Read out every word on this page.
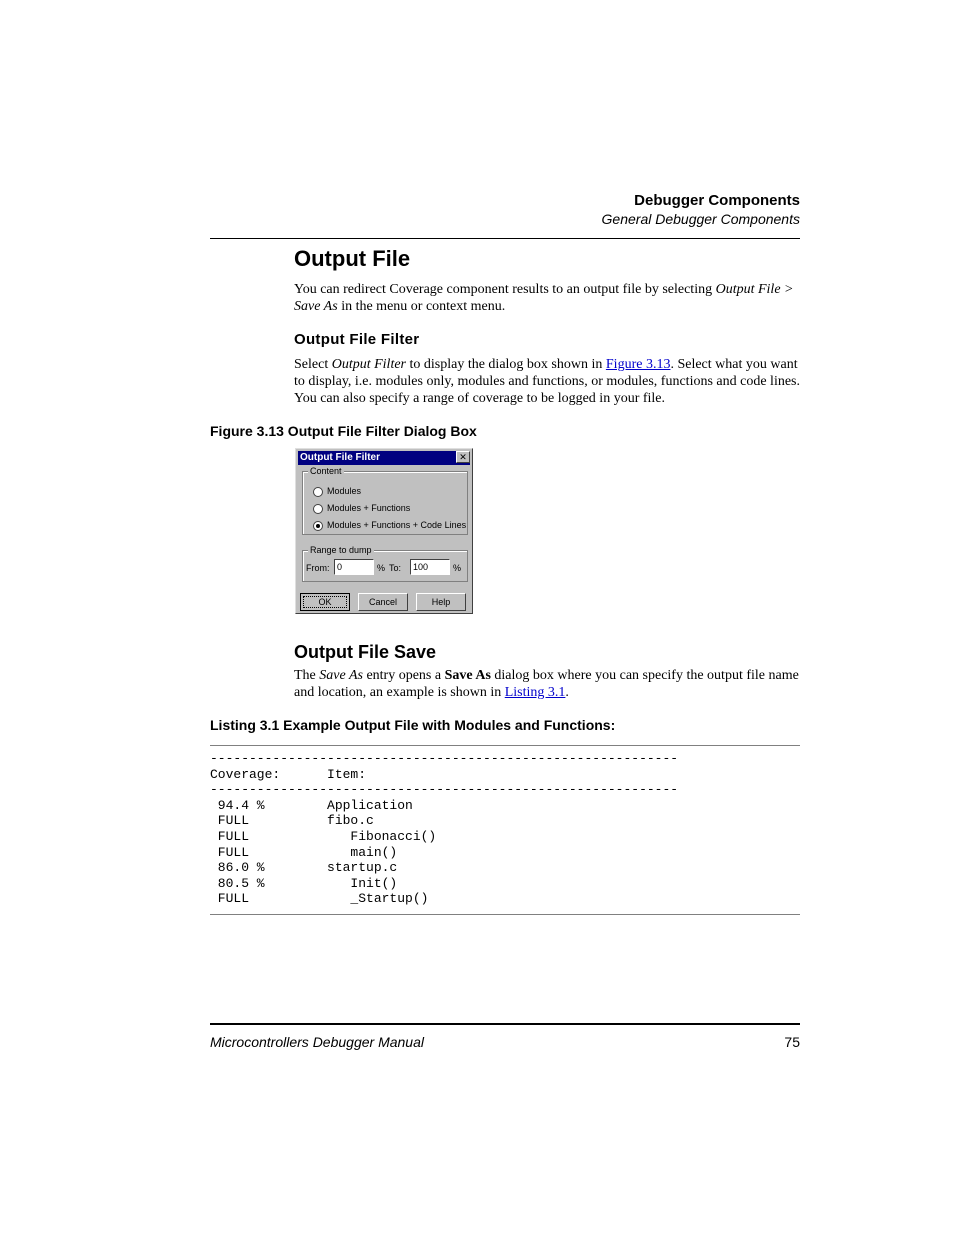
Debugger Components
General Debugger Components
Output File
You can redirect Coverage component results to an output file by selecting Output File > Save As in the menu or context menu.
Output File Filter
Select Output Filter to display the dialog box shown in Figure 3.13. Select what you want to display, i.e. modules only, modules and functions, or modules, functions and code lines. You can also specify a range of coverage to be logged in your file.
Figure 3.13 Output File Filter Dialog Box
Output File Filter	✕
Content
Modules
Modules + Functions
Modules + Functions + Code Lines
Range to dump
From: 0	% To:	100	%
OK	Cancel	Help
Output File Save
The Save As entry opens a Save As dialog box where you can specify the output file name and location, an example is shown in Listing 3.1.
Listing 3.1 Example Output File with Modules and Functions:
------------------------------------------------------------
Coverage:      Item:
------------------------------------------------------------
94.4 %        Application
FULL          fibo.c
FULL             Fibonacci()
FULL             main()
86.0 %        startup.c
80.5 %           Init()
FULL             _Startup()
Microcontrollers Debugger Manual	75
